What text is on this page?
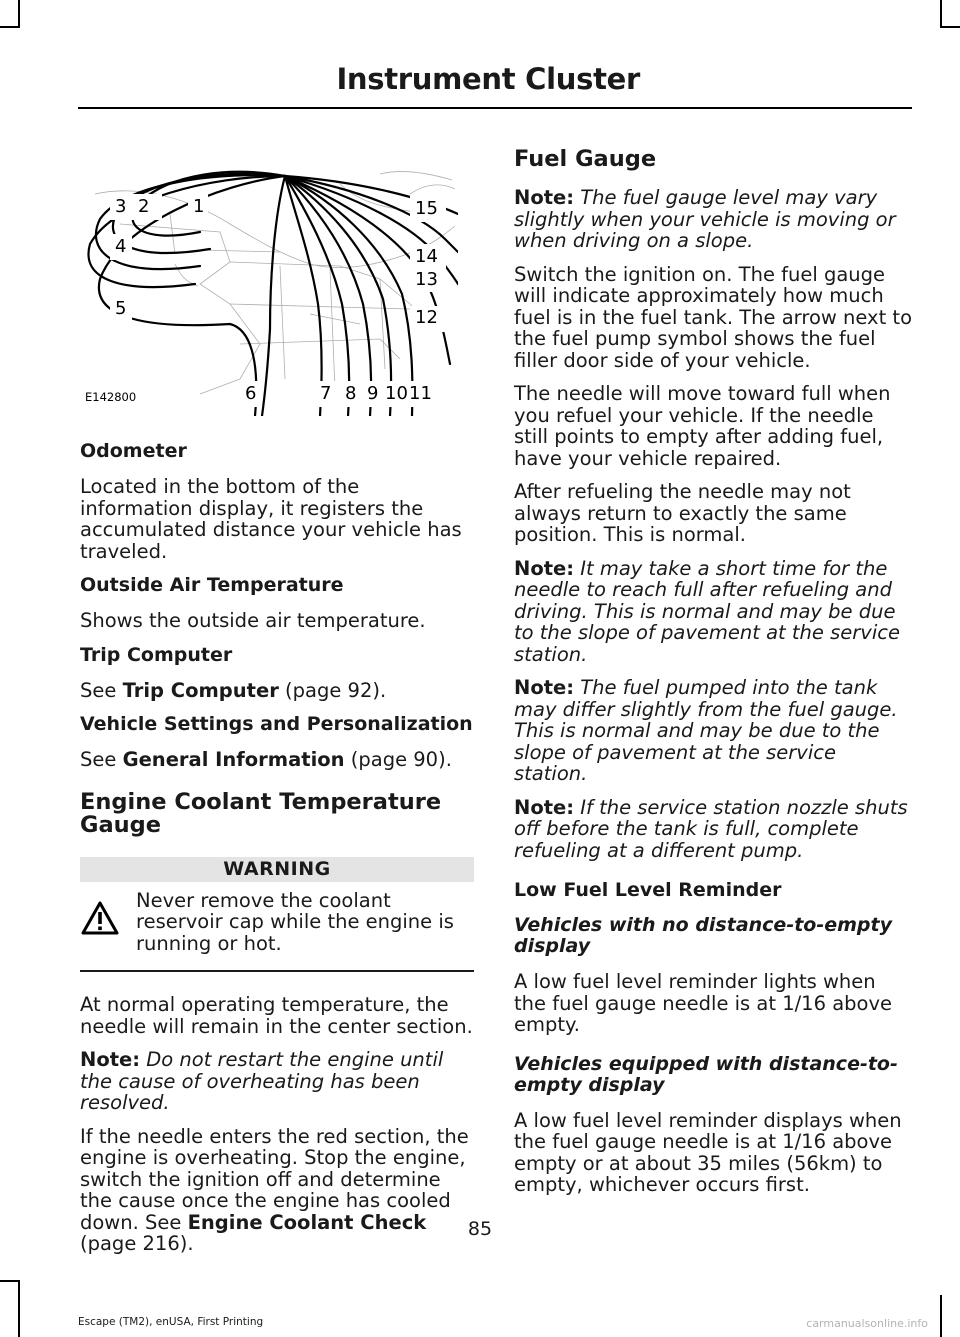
Instrument Cluster
3 2 1
4
5
6	7 8 9 10 11
12
13
14
15
E142800
Odometer

Located in the bottom of the information display, it registers the accumulated distance your vehicle has traveled.

Outside Air Temperature

Shows the outside air temperature.

Trip Computer

See Trip Computer (page 92).

Vehicle Settings and Personalization

See General Information (page 90).

Engine Coolant Temperature Gauge
WARNING
Never remove the coolant reservoir cap while the engine is running or hot.

At normal operating temperature, the needle will remain in the center section.

Note: Do not restart the engine until the cause of overheating has been resolved.

If the needle enters the red section, the engine is overheating. Stop the engine, switch the ignition off and determine the cause once the engine has cooled down. See Engine Coolant Check (page 216).

Fuel Gauge

Note: The fuel gauge level may vary slightly when your vehicle is moving or when driving on a slope.

Switch the ignition on. The fuel gauge will indicate approximately how much fuel is in the fuel tank. The arrow next to the fuel pump symbol shows the fuel filler door side of your vehicle.

The needle will move toward full when you refuel your vehicle. If the needle still points to empty after adding fuel, have your vehicle repaired.

After refueling the needle may not always return to exactly the same position. This is normal.

Note: It may take a short time for the needle to reach full after refueling and driving. This is normal and may be due to the slope of pavement at the service station.

Note: The fuel pumped into the tank may differ slightly from the fuel gauge. This is normal and may be due to the slope of pavement at the service station.

Note: If the service station nozzle shuts off before the tank is full, complete refueling at a different pump.

Low Fuel Level Reminder
Vehicles with no distance-to-empty display

A low fuel level reminder lights when the fuel gauge needle is at 1/16 above empty.

Vehicles equipped with distance-to-empty display

A low fuel level reminder displays when the fuel gauge needle is at 1/16 above empty or at about 35 miles (56km) to empty, whichever occurs first.

85
Escape (TM2), enUSA, First Printing	carmanualsonline.info
